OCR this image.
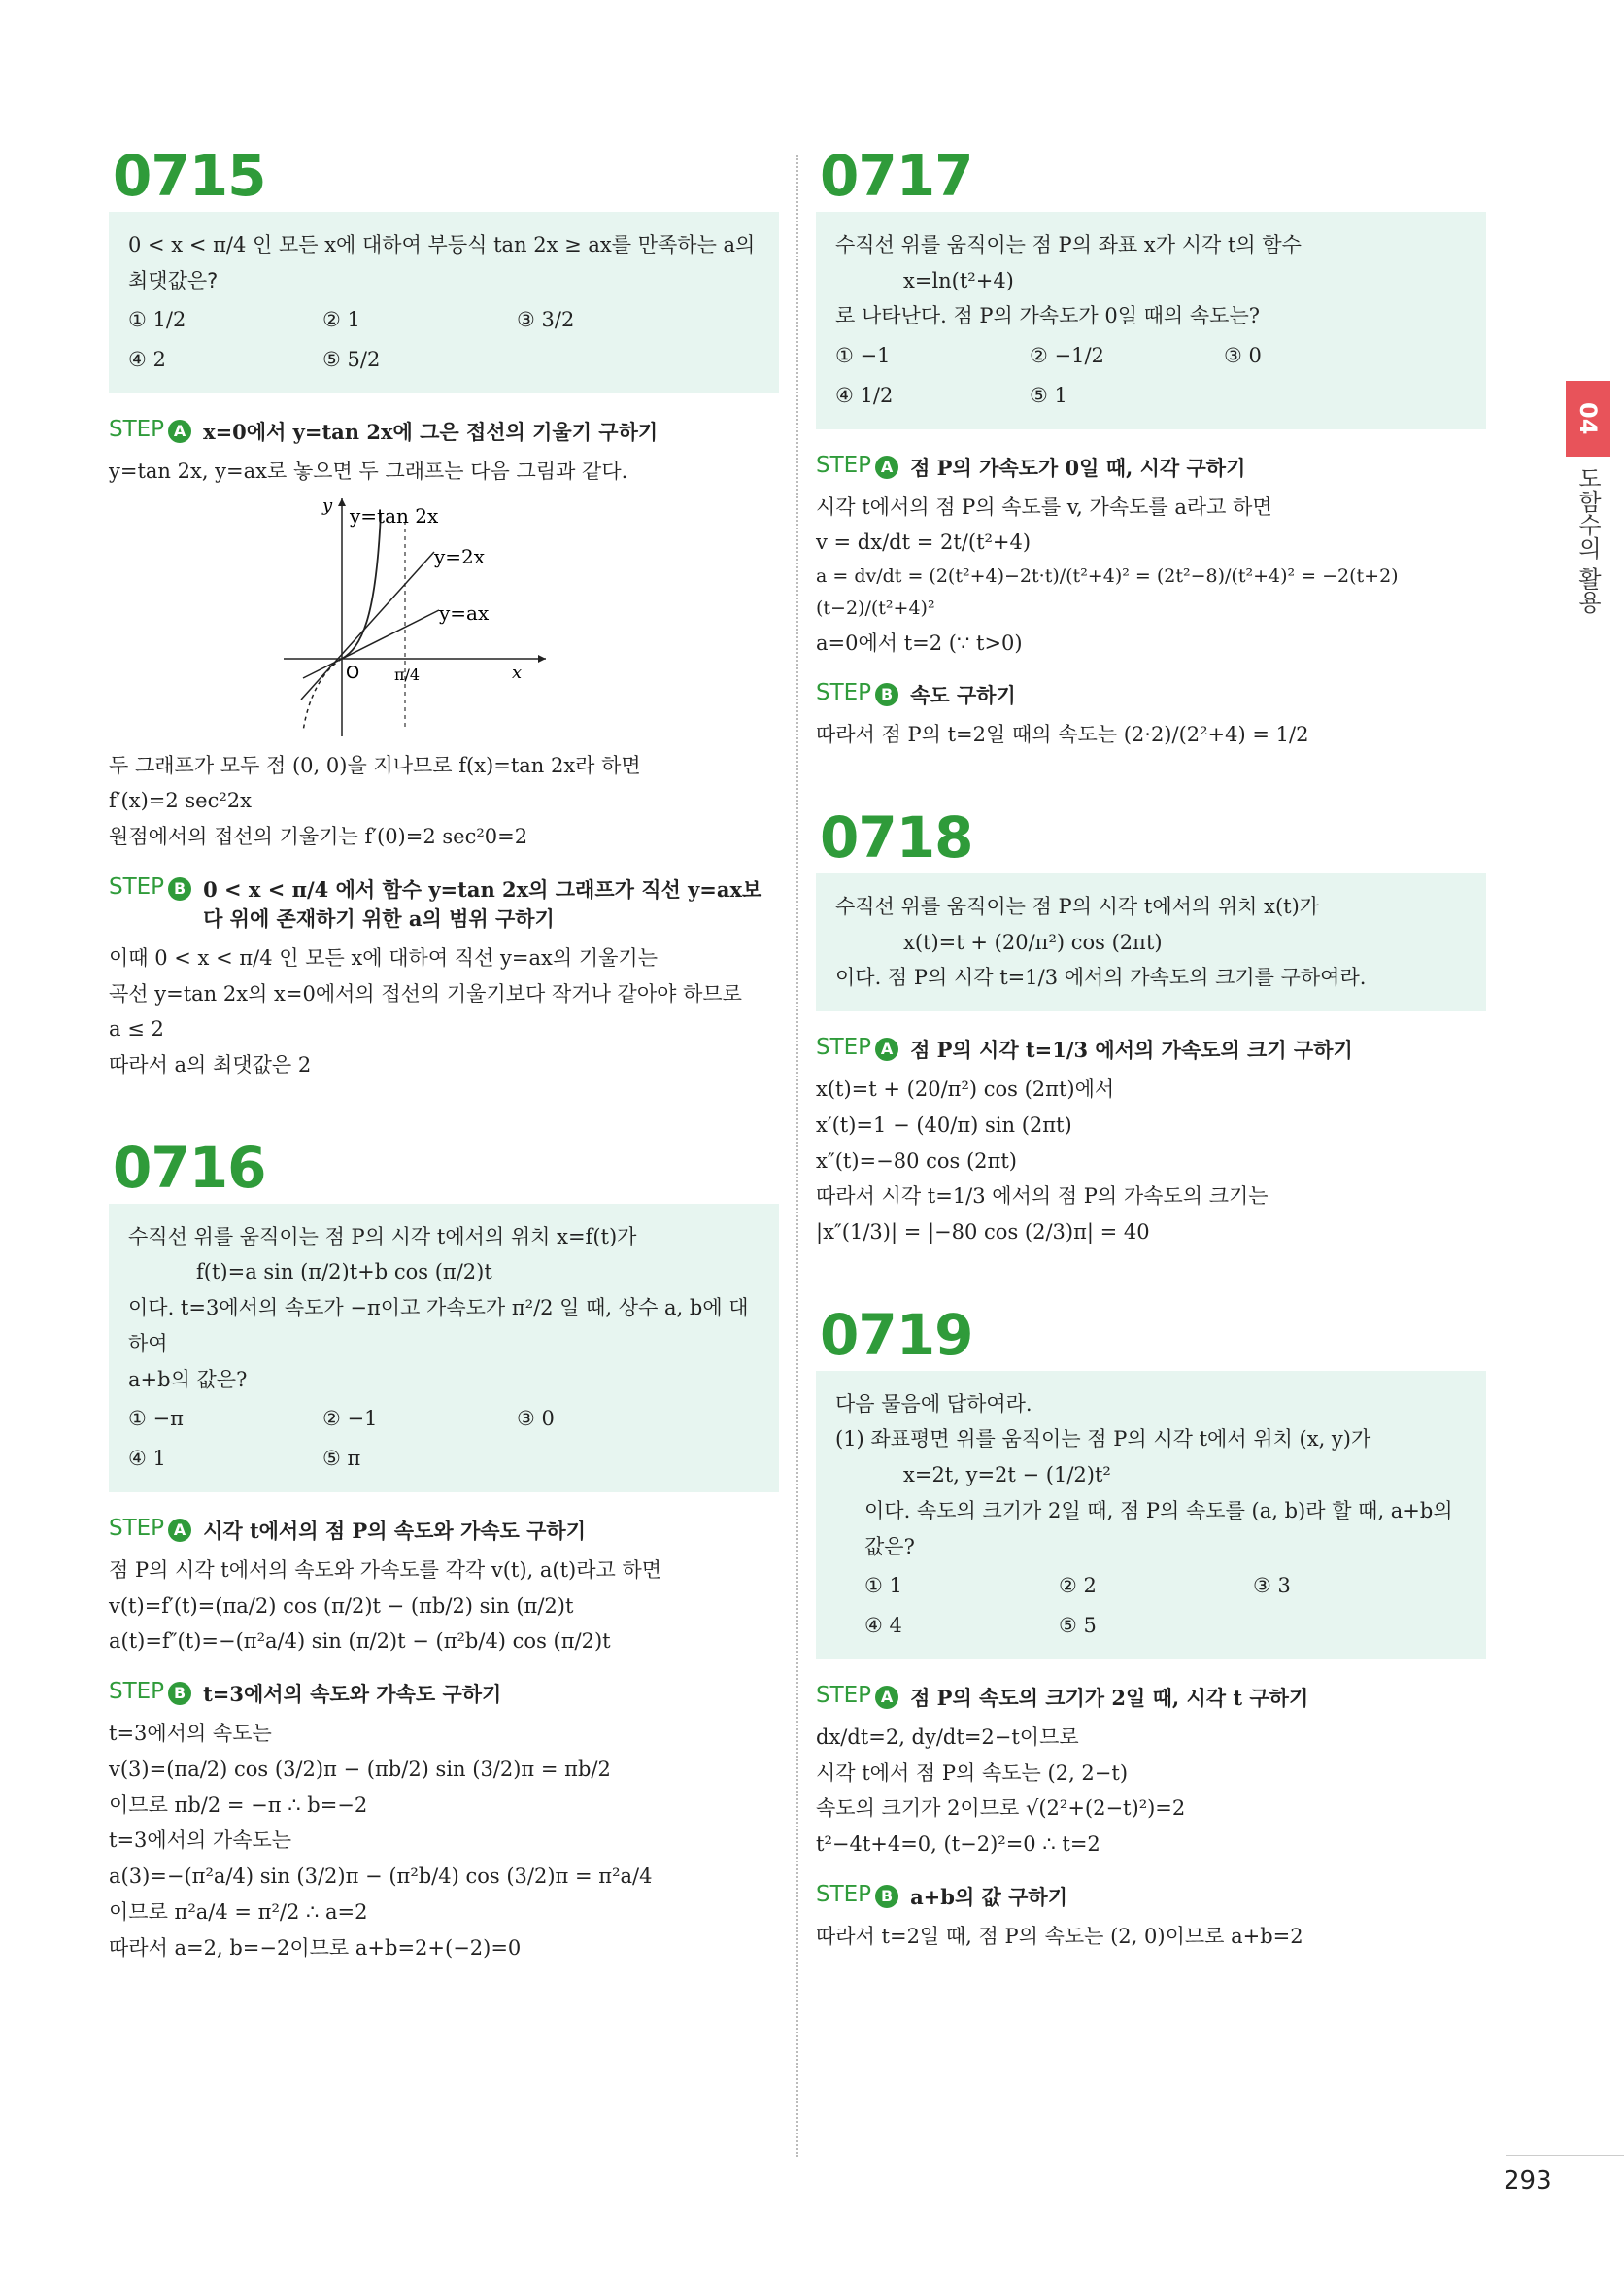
04
도함수의 활용
0715

0 < x < π/4 인 모든 x에 대하여 부등식 tan 2x ≥ ax를 만족하는 a의

최댓값은?

① 1/2	② 1	③ 3/2
④ 2	⑤ 5/2
STEP A x=0에서 y=tan 2x에 그은 접선의 기울기 구하기

y=tan 2x, y=ax로 놓으면 두 그래프는 다음 그림과 같다.

y y=tan 2x
y=2x
y=ax
O π/4	x

두 그래프가 모두 점 (0, 0)을 지나므로 f(x)=tan 2x라 하면

f′(x)=2 sec²2x

원점에서의 접선의 기울기는 f′(0)=2 sec²0=2

STEP B 0 < x < π/4 에서 함수 y=tan 2x의 그래프가 직선 y=ax보다 위에 존재하기 위한 a의 범위 구하기

이때 0 < x < π/4 인 모든 x에 대하여 직선 y=ax의 기울기는

곡선 y=tan 2x의 x=0에서의 접선의 기울기보다 작거나 같아야 하므로

a ≤ 2

따라서 a의 최댓값은 2

0716

수직선 위를 움직이는 점 P의 시각 t에서의 위치 x=f(t)가

f(t)=a sin (π/2)t+b cos (π/2)t

이다. t=3에서의 속도가 −π이고 가속도가 π²/2 일 때, 상수 a, b에 대하여

a+b의 값은?

① −π	② −1	③ 0
④ 1	⑤ π
STEP A 시각 t에서의 점 P의 속도와 가속도 구하기

점 P의 시각 t에서의 속도와 가속도를 각각 v(t), a(t)라고 하면

v(t)=f′(t)=(πa/2) cos (π/2)t − (πb/2) sin (π/2)t

a(t)=f″(t)=−(π²a/4) sin (π/2)t − (π²b/4) cos (π/2)t

STEP B t=3에서의 속도와 가속도 구하기

t=3에서의 속도는

v(3)=(πa/2) cos (3/2)π − (πb/2) sin (3/2)π = πb/2

이므로 πb/2 = −π ∴ b=−2

t=3에서의 가속도는

a(3)=−(π²a/4) sin (3/2)π − (π²b/4) cos (3/2)π = π²a/4

이므로 π²a/4 = π²/2 ∴ a=2

따라서 a=2, b=−2이므로 a+b=2+(−2)=0

0717

수직선 위를 움직이는 점 P의 좌표 x가 시각 t의 함수

x=ln(t²+4)

로 나타난다. 점 P의 가속도가 0일 때의 속도는?

① −1	② −1/2	③ 0
④ 1/2	⑤ 1
STEP A 점 P의 가속도가 0일 때, 시각 구하기

시각 t에서의 점 P의 속도를 v, 가속도를 a라고 하면

v = dx/dt = 2t/(t²+4)

a = dv/dt = (2(t²+4)−2t·t)/(t²+4)² = (2t²−8)/(t²+4)² = −2(t+2)(t−2)/(t²+4)²

a=0에서 t=2 (∵ t>0)

STEP B 속도 구하기

따라서 점 P의 t=2일 때의 속도는 (2·2)/(2²+4) = 1/2

0718

수직선 위를 움직이는 점 P의 시각 t에서의 위치 x(t)가

x(t)=t + (20/π²) cos (2πt)

이다. 점 P의 시각 t=1/3 에서의 가속도의 크기를 구하여라.

STEP A 점 P의 시각 t=1/3 에서의 가속도의 크기 구하기

x(t)=t + (20/π²) cos (2πt)에서

x′(t)=1 − (40/π) sin (2πt)

x″(t)=−80 cos (2πt)

따라서 시각 t=1/3 에서의 점 P의 가속도의 크기는

|x″(1/3)| = |−80 cos (2/3)π| = 40

0719

다음 물음에 답하여라.

(1) 좌표평면 위를 움직이는 점 P의 시각 t에서 위치 (x, y)가

x=2t, y=2t − (1/2)t²

이다. 속도의 크기가 2일 때, 점 P의 속도를 (a, b)라 할 때, a+b의

값은?

① 1	② 2	③ 3
④ 4	⑤ 5
STEP A 점 P의 속도의 크기가 2일 때, 시각 t 구하기

dx/dt=2, dy/dt=2−t이므로

시각 t에서 점 P의 속도는 (2, 2−t)

속도의 크기가 2이므로 √(2²+(2−t)²)=2

t²−4t+4=0, (t−2)²=0 ∴ t=2

STEP B a+b의 값 구하기

따라서 t=2일 때, 점 P의 속도는 (2, 0)이므로 a+b=2

293
